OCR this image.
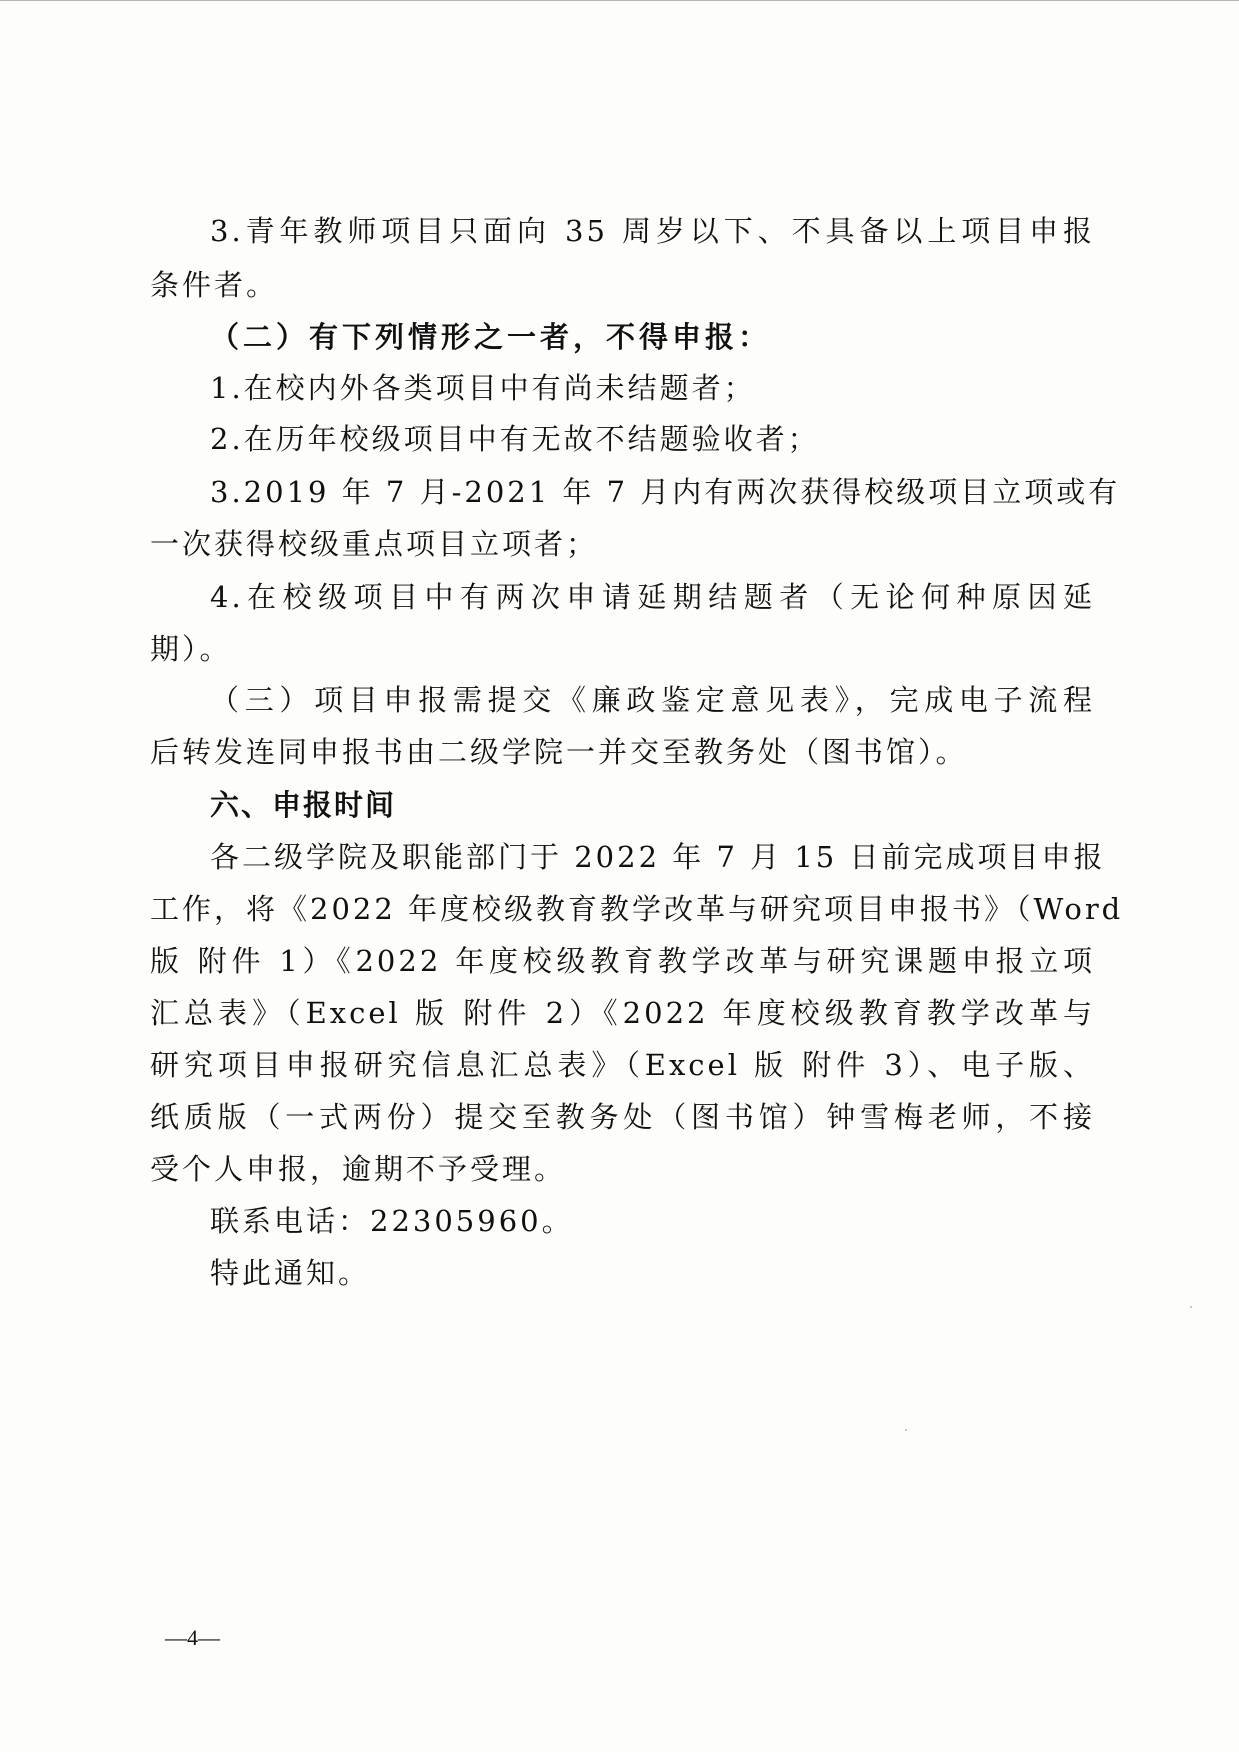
3.青年教师项目只面向 35 周岁以下、不具备以上项目申报
条件者。
（二）有下列情形之一者，不得申报：
1.在校内外各类项目中有尚未结题者；
2.在历年校级项目中有无故不结题验收者；
3.2019 年 7 月-2021 年 7 月内有两次获得校级项目立项或有
一次获得校级重点项目立项者；
4.在校级项目中有两次申请延期结题者（无论何种原因延
期）。
（三）项目申报需提交《廉政鉴定意见表》，完成电子流程
后转发连同申报书由二级学院一并交至教务处（图书馆）。
六、申报时间
各二级学院及职能部门于 2022 年 7 月 15 日前完成项目申报
工作，将《2022 年度校级教育教学改革与研究项目申报书》（Word
版 附件 1）《2022 年度校级教育教学改革与研究课题申报立项
汇总表》（Excel 版 附件 2）《2022 年度校级教育教学改革与
研究项目申报研究信息汇总表》（Excel 版 附件 3）、电子版、
纸质版（一式两份）提交至教务处（图书馆）钟雪梅老师，不接
受个人申报，逾期不予受理。
联系电话：22305960。
特此通知。
—4—
